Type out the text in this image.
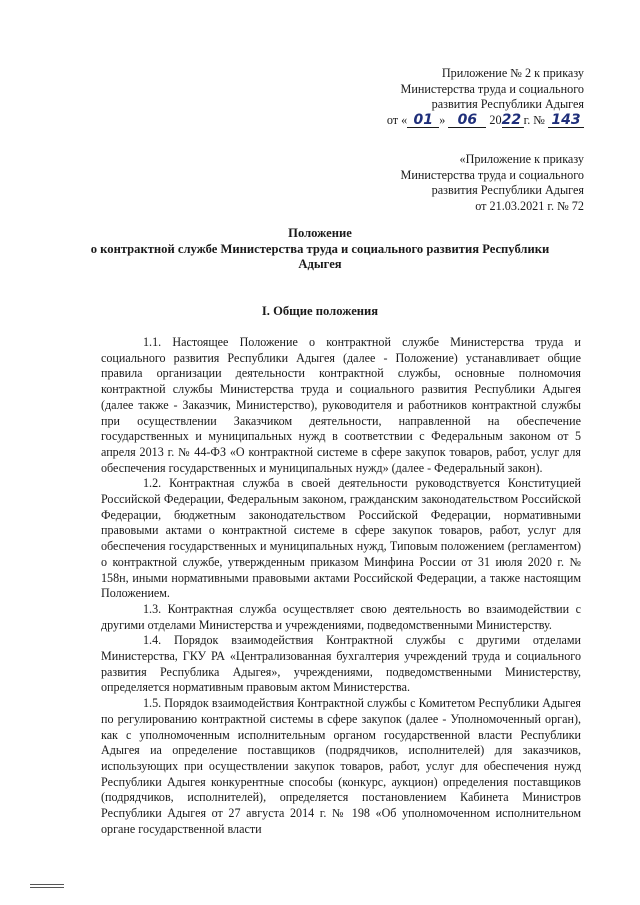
Приложение № 2 к приказу
Министерства труда и социального
развития Республики Адыгея
от « 01 » 06 2022 г. № 143
«Приложение к приказу
Министерства труда и социального
развития Республики Адыгея
от 21.03.2021 г. № 72
Положение
о контрактной службе Министерства труда и социального развития Республики
Адыгея
I. Общие положения

1.1. Настоящее Положение о контрактной службе Министерства труда и социального развития Республики Адыгея (далее - Положение) устанавливает общие правила организации деятельности контрактной службы, основные полномочия контрактной службы Министерства труда и социального развития Республики Адыгея (далее также - Заказчик, Министерство), руководителя и работников контрактной службы при осуществлении Заказчиком деятельности, направленной на обеспечение государственных и муниципальных нужд в соответствии с Федеральным законом от 5 апреля 2013 г. № 44-ФЗ «О контрактной системе в сфере закупок товаров, работ, услуг для обеспечения государственных и муниципальных нужд» (далее - Федеральный закон).

1.2. Контрактная служба в своей деятельности руководствуется Конституцией Российской Федерации, Федеральным законом, гражданским законодательством Российской Федерации, бюджетным законодательством Российской Федерации, нормативными правовыми актами о контрактной системе в сфере закупок товаров, работ, услуг для обеспечения государственных и муниципальных нужд, Типовым положением (регламентом) о контрактной службе, утвержденным приказом Минфина России от 31 июля 2020 г. № 158н, иными нормативными правовыми актами Российской Федерации, а также настоящим Положением.

1.3. Контрактная служба осуществляет свою деятельность во взаимодействии с другими отделами Министерства и учреждениями, подведомственными Министерству.

1.4. Порядок взаимодействия Контрактной службы с другими отделами Министерства, ГКУ РА «Централизованная бухгалтерия учреждений труда и социального развития Республика Адыгея», учреждениями, подведомственными Министерству, определяется нормативным правовым актом Министерства.

1.5. Порядок взаимодействия Контрактной службы с Комитетом Республики Адыгея по регулированию контрактной системы в сфере закупок (далее - Уполномоченный орган), как с уполномоченным исполнительным органом государственной власти Республики Адыгея иа определение поставщиков (подрядчиков, исполнителей) для заказчиков, использующих при осуществлении закупок товаров, работ, услуг для обеспечения нужд Республики Адыгея конкурентные способы (конкурс, аукцион) определения поставщиков (подрядчиков, исполнителей), определяется постановлением Кабинета Министров Республики Адыгея от 27 августа 2014 г. № 198 «Об уполномоченном исполнительном органе государственной власти
